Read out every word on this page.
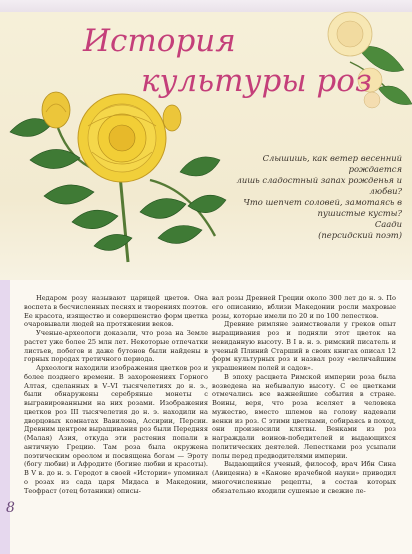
История
культуры роз
Слышишь, как ветер весенний рождается
лишь сладостный запах рожденья и любви?
Что шепчет соловей, замотаясь в пушистые кусты?
Саади
(персидский поэт)
8

Недаром розу называют царицей цветов. Она воспета в бесчисленных песнях и творениях поэтов. Ее красота, изящество и совершенство форм цветка очаровывали людей на протяжении веков.

Ученые-археологи доказали, что роза на Земле растет уже более 25 млн лет. Некоторые отпечатки листьев, побегов и даже бутонов были найдены в горных породах третичного периода.

Археологи находили изображения цветков роз и более позднего времени. В захоронениях Горного Алтая, сделанных в V–VI тысячелетиях до н. э., были обнаружены серебряные монеты с выгравированными на них розами. Изображения цветков роз III тысячелетия до н. э. находили на дворцовых комнатах Вавилона, Ассирии, Персии. Древним центром выращивания роз были Передняя (Малая) Азия, откуда эти растения попали в античную Грецию. Там роза была окружена поэтическим ореолом и посвящена богам — Эроту (богу любви) и Афродите (богине любви и красоты). В V в. до н. э. Геродот в своей «Истории» упоминал о розах из сада царя Мидаса в Македонии, Теофраст (отец ботаники) описы-

вал розы Древней Греции около 300 лет до н. э. По его описанию, вблизи Македонии росли махровые розы, которые имели по 20 и по 100 лепестков.

Древние римляне заимствовали у греков опыт выращивания роз и подняли этот цветок на невиданную высоту. В I в. н. э. римский писатель и ученый Плиний Старший в своих книгах описал 12 форм культурных роз и назвал розу «величайшим украшением полей и садов».

В эпоху расцвета Римской империи роза была возведена на небывалую высоту. С ее цветками отмечались все важнейшие события в стране. Воины, веря, что роза вселяет в человека мужество, вместо шлемов на голову надевали венки из роз. С этими цветками, собираясь в поход, они произносили клятвы. Венками из роз награждали воинов-победителей и выдающихся политических деятелей. Лепестками роз усыпали полы перед предводителями империи.

Выдающийся ученый, философ, врач Ибн Сина (Авиценна) в «Каноне врачебной науки» приводил многочисленные рецепты, в состав которых обязательно входили сушеные и свежие ле-
